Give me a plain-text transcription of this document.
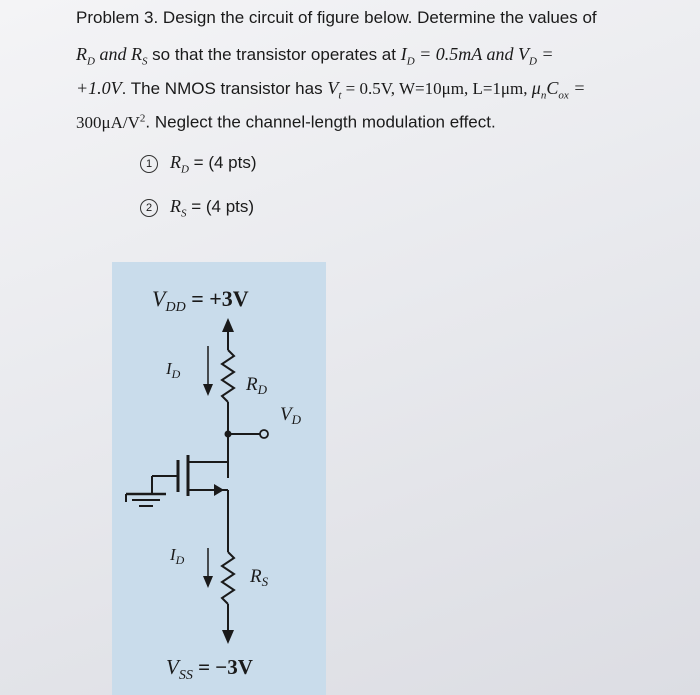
Problem 3. Design the circuit of figure below. Determine the values of
$R_D$ and $R_S$ so that the transistor operates at $I_D = 0.5mA$ and $V_D$ =
+1.0V. The NMOS transistor has $V_t = 0.5V$, W=10μm, L=1μm, $\mu_nC_{ox}$ =
$300\mu A/V^2$. Neglect the channel-length modulation effect.
1 $R_D = (4$ pts)
2 $R_S = (4$ pts)
$V_{DD} = +3V$
$I_D$	$R_D$
$V_D$
$I_D$
$R_S$
$V_{SS} = -3V$
